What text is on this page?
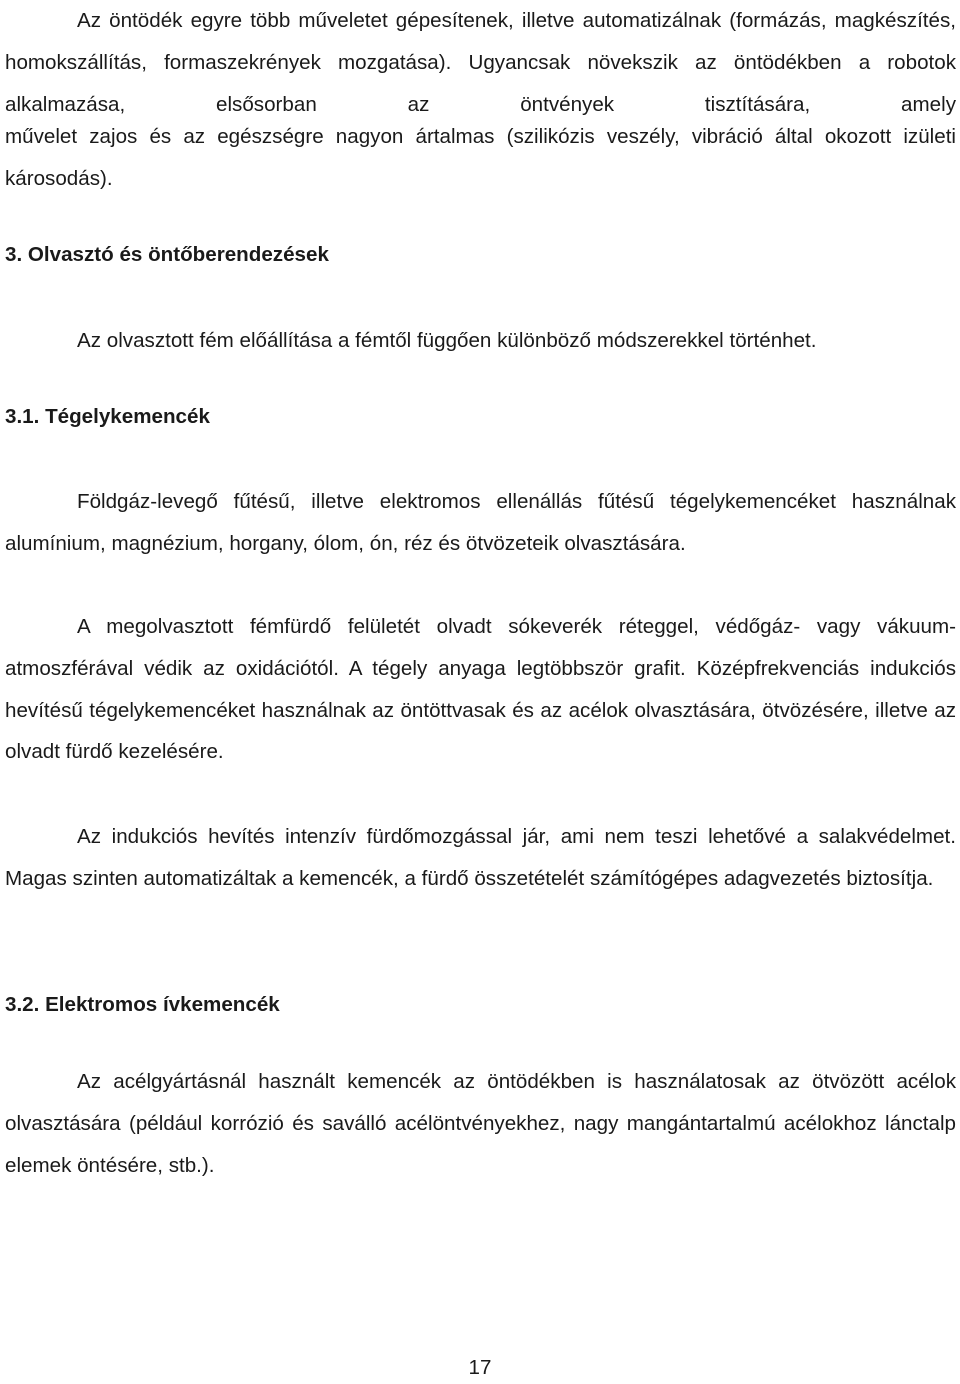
Az öntödék egyre több műveletet gépesítenek, illetve automatizálnak (formázás, magkészítés, homokszállítás, formaszekrények mozgatása). Ugyancsak növekszik az öntödékben a robotok alkalmazása, elsősorban az öntvények tisztítására, amely

művelet zajos és az egészségre nagyon ártalmas (szilikózis veszély, vibráció által okozott izületi károsodás).

3. Olvasztó és öntőberendezések

Az olvasztott fém előállítása a fémtől függően különböző módszerekkel történhet.

3.1. Tégelykemencék

Földgáz-levegő fűtésű, illetve elektromos ellenállás fűtésű tégelykemencéket használnak alumínium, magnézium, horgany, ólom, ón, réz és ötvözeteik olvasztására.

A megolvasztott fémfürdő felületét olvadt sókeverék réteggel, védőgáz- vagy vákuum-atmoszférával védik az oxidációtól. A tégely anyaga legtöbbször grafit. Középfrekvenciás indukciós hevítésű tégelykemencéket használnak az öntöttvasak és az acélok olvasztására, ötvözésére, illetve az olvadt fürdő kezelésére.

Az indukciós hevítés intenzív fürdőmozgással jár, ami nem teszi lehetővé a salakvédelmet. Magas szinten automatizáltak a kemencék, a fürdő összetételét számítógépes adagvezetés biztosítja.

3.2. Elektromos ívkemencék

Az acélgyártásnál használt kemencék az öntödékben is használatosak az ötvözött acélok olvasztására (például korrózió és saválló acélöntvényekhez, nagy mangántartalmú acélokhoz lánctalp elemek öntésére, stb.).

17
